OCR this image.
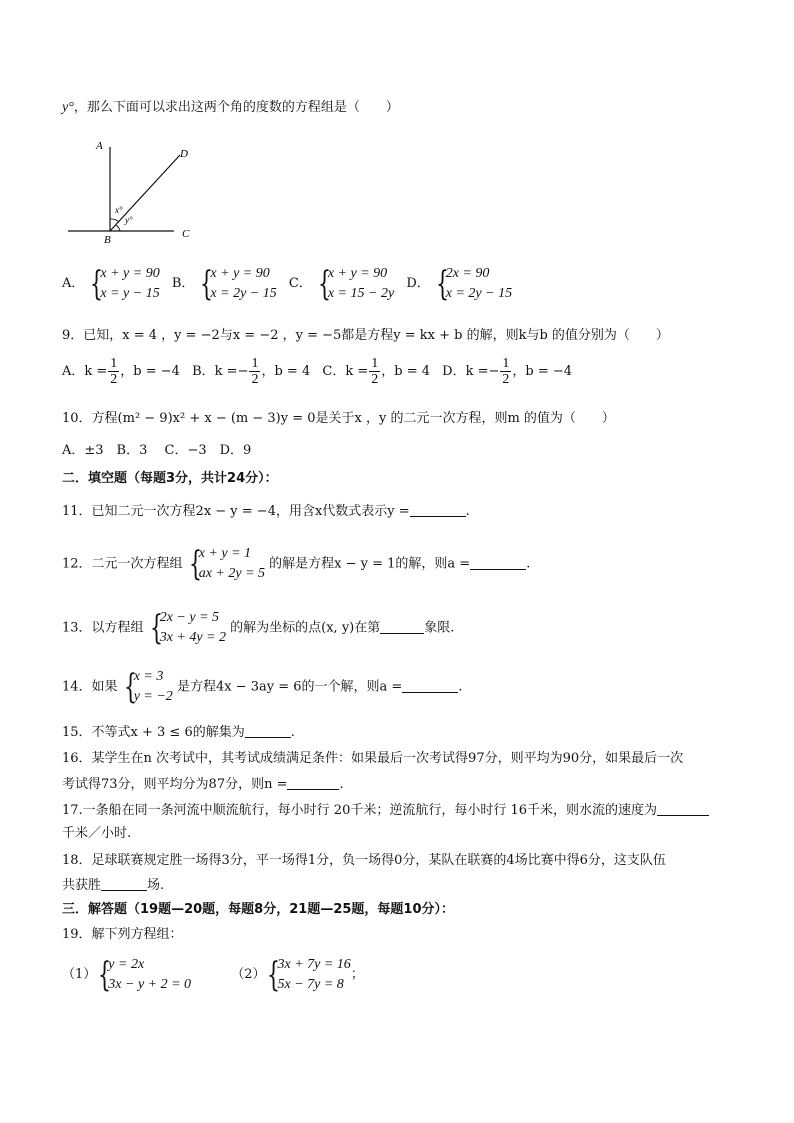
y°，那么下面可以求出这两个角的度数的方程组是（　　）
A
D
B	C
x°
y°
A． {
x + y = 90
x = y − 15

B． {
x + y = 90
x = 2y − 15

C． {
x + y = 90
x = 15 − 2y

D． {
2x = 90
x = 2y − 15
9．已知，x = 4 ，y = −2与x = −2 ，y = −5都是方程y = kx + b 的解，则k与b 的值分别为（　　）
A．$k = \frac{1}{2}$ ，b = −4
B．k = − $\frac{1}{2}$ ，b = 4
C．$k = \frac{1}{2}$ ，b = 4
D．k = − $\frac{1}{2}$ ，b = −4
10．方程(m² − 9)x² + x − (m − 3)y = 0是关于x ，y 的二元一次方程，则m 的值为（　　）
A．±3　B．3　 C．−3　D．9
二．填空题（每题3分，共计24分）：
11．已知二元一次方程2x − y = −4，用含x代数式表示y =	.
12．二元一次方程组 {
x + y = 1
ax + 2y = 5
的解是方程x − y = 1的解，则a =	.
13．以方程组 {
2x − y = 5
3x + 4y = 2
的解为坐标的点(x, y)在第	象限.
14．如果 {
x = 3
y = −2
是方程4x − 3ay = 6的一个解，则a =	.
15．不等式x + 3 ≤ 6的解集为	.
16．某学生在n 次考试中，其考试成绩满足条件：如果最后一次考试得97分，则平均为90分，如果最后一次
考试得73分，则平均分为87分，则n =	.
17.一条船在同一条河流中顺流航行，每小时行 20千米；逆流航行，每小时行 16千米，则水流的速度为
千米／小时.
18．足球联赛规定胜一场得3分，平一场得1分，负一场得0分，某队在联赛的4场比赛中得6分，这支队伍
共获胜	场.
三．解答题（19题—20题，每题8分，21题—25题，每题10分）：
19．解下列方程组：
（1） {
y = 2x
3x − y + 2 = 0

（2） {
3x + 7y = 16
5x − 7y = 8
；
